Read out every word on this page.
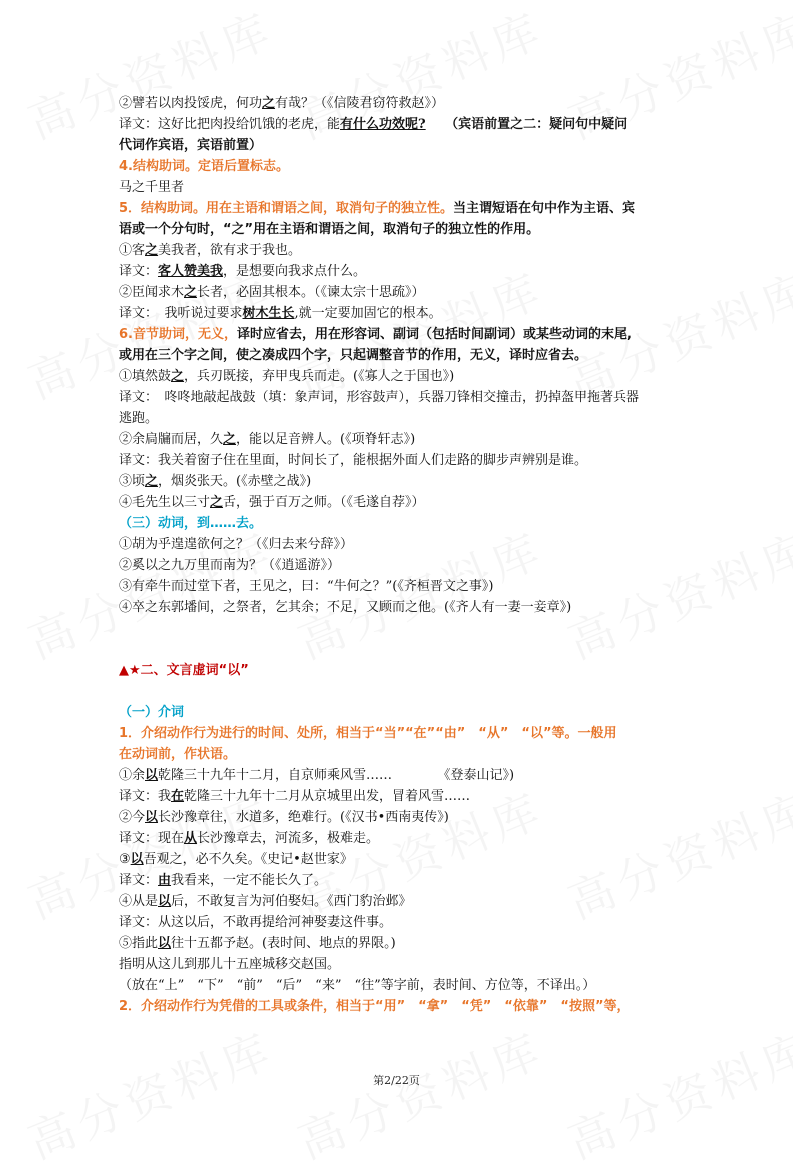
②譬若以肉投馁虎，何功之有哉？（《信陵君窃符救赵》）
译文：这好比把肉投给饥饿的老虎，能有什么功效呢?　　（宾语前置之二：疑问句中疑问
代词作宾语，宾语前置）
4.结构助词。定语后置标志。
马之千里者
5．结构助词。用在主语和谓语之间，取消句子的独立性。当主谓短语在句中作为主语、宾
语或一个分句时，“之”用在主语和谓语之间，取消句子的独立性的作用。
①客之美我者，欲有求于我也。
译文：客人赞美我，是想要向我求点什么。
②臣闻求木之长者，必固其根本。（《谏太宗十思疏》）
译文：　我听说过要求树木生长,就一定要加固它的根本。
6.音节助词，无义，译时应省去，用在形容词、副词（包括时间副词）或某些动词的末尾,
或用在三个字之间，使之凑成四个字，只起调整音节的作用，无义，译时应省去。
①填然鼓之，兵刃既接，弃甲曳兵而走。(《寡人之于国也》)
译文：　咚咚地敲起战鼓（填：象声词，形容鼓声），兵器刀锋相交撞击，扔掉盔甲拖著兵器
逃跑。
②余扃牖而居，久之，能以足音辨人。(《项脊轩志》)
译文：我关着窗子住在里面，时间长了，能根据外面人们走路的脚步声辨别是谁。
③顷之，烟炎张天。(《赤壁之战》)
④毛先生以三寸之舌，强于百万之师。（《毛遂自荐》）
（三）动词，到……去。
①胡为乎遑遑欲何之？（《归去来兮辞》）
②奚以之九万里而南为？（《逍遥游》）
③有牵牛而过堂下者，王见之，曰：“牛何之？”(《齐桓晋文之事》)
④卒之东郭墦间，之祭者，乞其余；不足，又顾而之他。(《齐人有一妻一妾章》)
▲★二、文言虚词“以”
（一）介词
1．介绍动作行为进行的时间、处所，相当于“当”“在”“由”　“从”　“以”等。一般用
在动词前，作状语。
①余以乾隆三十九年十二月，自京师乘风雪……　　　　《登泰山记》)
译文：我在乾隆三十九年十二月从京城里出发，冒着风雪……
②今以长沙豫章往，水道多，绝难行。(《汉书•西南夷传》)
译文：现在从长沙豫章去，河流多，极难走。
③以吾观之，必不久矣。《史记•赵世家》
译文：由我看来，一定不能长久了。
④从是以后，不敢复言为河伯娶妇。《西门豹治邺》
译文：从这以后，不敢再提给河神娶妻这件事。
⑤指此以往十五都予赵。(表时间、地点的界限。)
指明从这儿到那儿十五座城移交赵国。
（放在“上”　“下”　“前”　“后”　“来”　“往”等字前，表时间、方位等，不译出。）
2．介绍动作行为凭借的工具或条件，相当于“用”　“拿”　“凭”　“依靠”　“按照”等，
第2/22页
